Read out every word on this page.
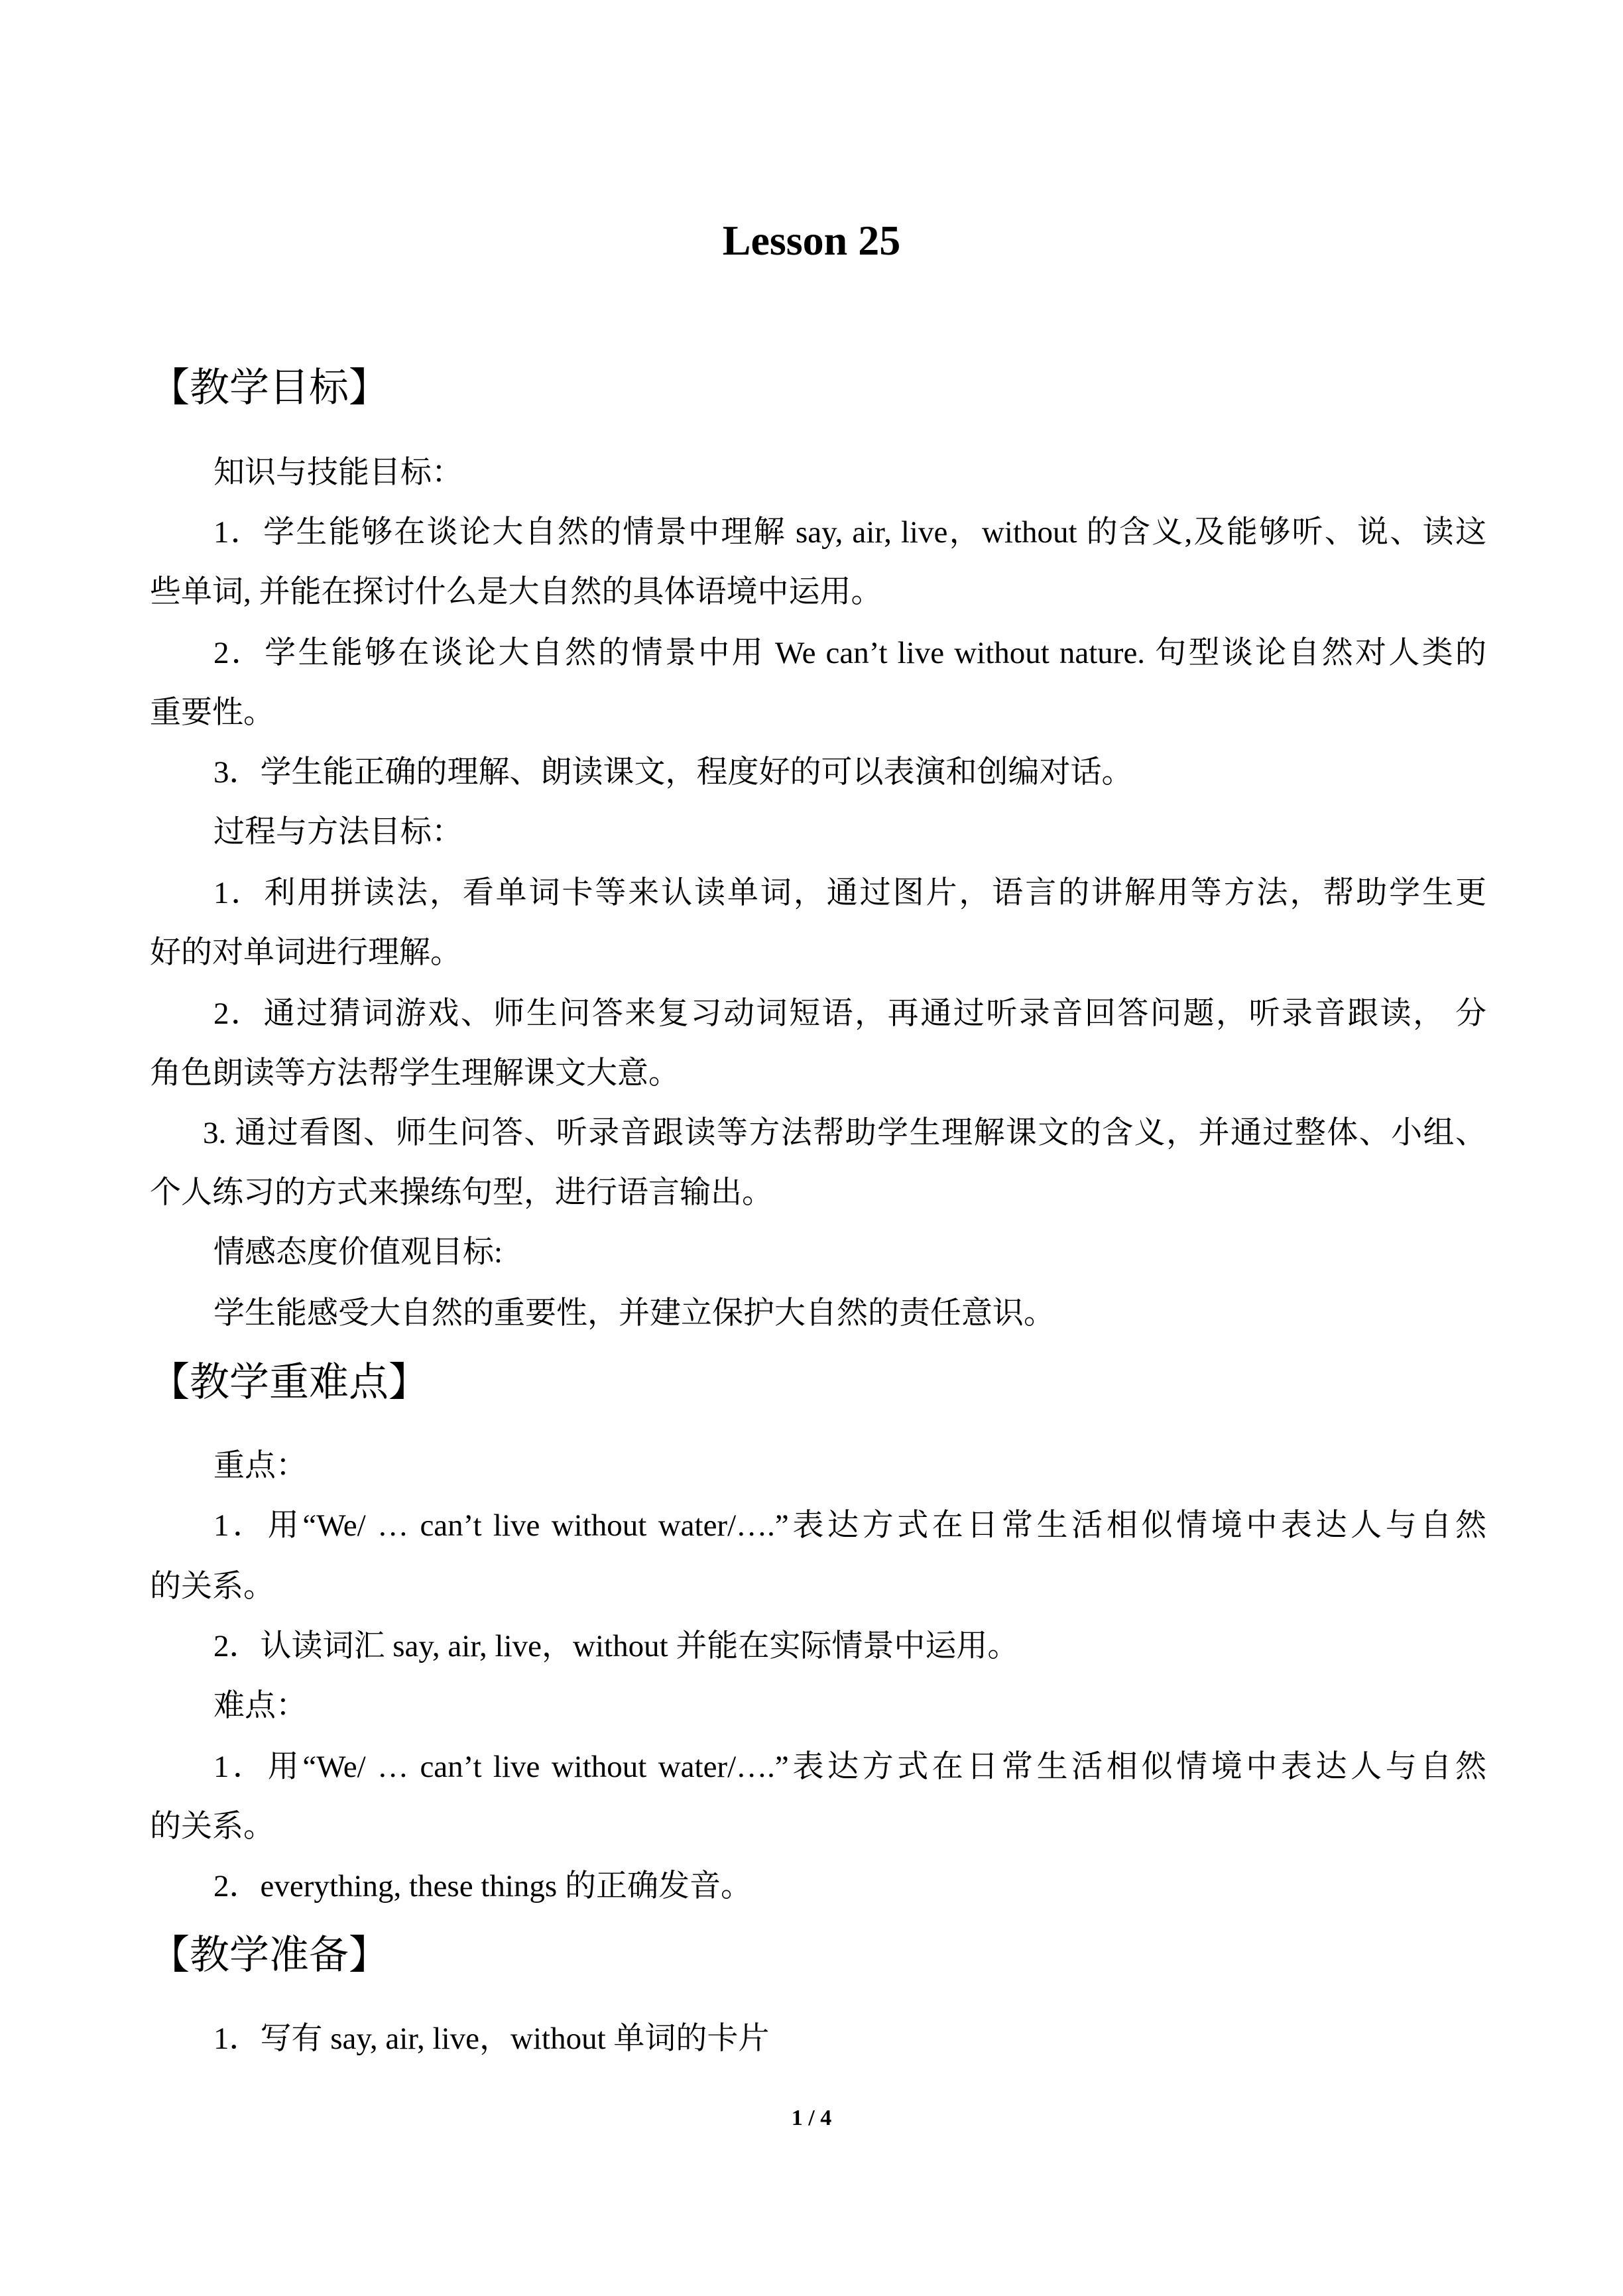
Lesson 25
【教学目标】
知识与技能目标：
1．学生能够在谈论大自然的情景中理解 say, air, live，without 的含义,及能够听、说、读这
些单词, 并能在探讨什么是大自然的具体语境中运用。
2．学生能够在谈论大自然的情景中用 We can’t live without nature. 句型谈论自然对人类的
重要性。
3．学生能正确的理解、朗读课文，程度好的可以表演和创编对话。
过程与方法目标：
1．利用拼读法，看单词卡等来认读单词，通过图片，语言的讲解用等方法，帮助学生更
好的对单词进行理解。
2．通过猜词游戏、师生问答来复习动词短语，再通过听录音回答问题，听录音跟读， 分
角色朗读等方法帮学生理解课文大意。
3. 通过看图、师生问答、听录音跟读等方法帮助学生理解课文的含义，并通过整体、小组、
个人练习的方式来操练句型，进行语言输出。
情感态度价值观目标:
学生能感受大自然的重要性，并建立保护大自然的责任意识。
【教学重难点】
重点：
1．用“We/ … can’t live without water/….”表达方式在日常生活相似情境中表达人与自然
的关系。
2．认读词汇 say, air, live，without 并能在实际情景中运用。
难点：
1．用“We/ … can’t live without water/….”表达方式在日常生活相似情境中表达人与自然
的关系。
2．everything, these things 的正确发音。
【教学准备】
1．写有 say, air, live，without 单词的卡片
1 / 4
